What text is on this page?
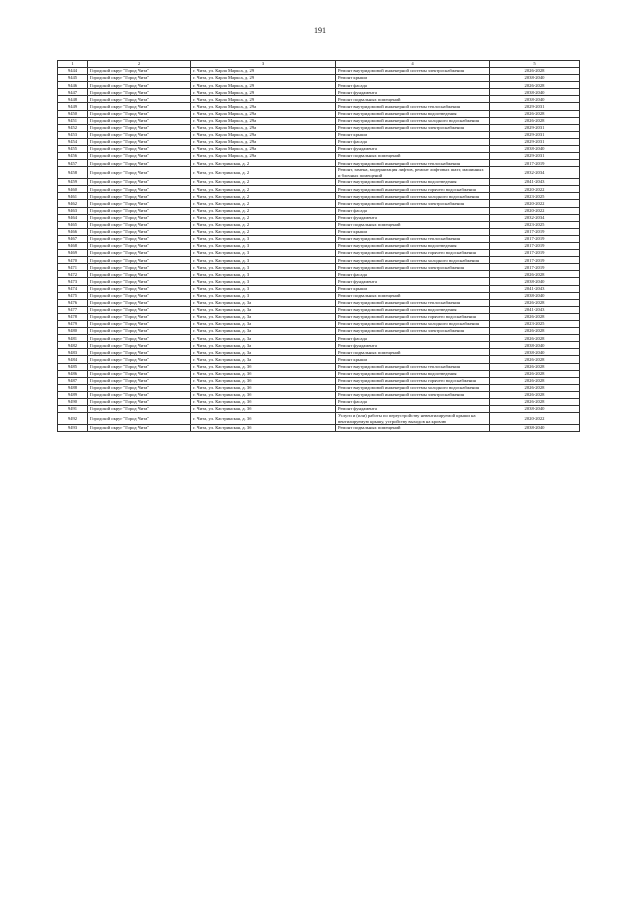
191
1	2	3	4	5
9444	Городской округ "Город Чита"	г. Чита, ул. Карла Маркса, д. 29	Ремонт внутридомовой инженерной системы электроснабжения	2026-2028
9445	Городской округ "Город Чита"	г. Чита, ул. Карла Маркса, д. 29	Ремонт крыши	2038-2040
9446	Городской округ "Город Чита"	г. Чита, ул. Карла Маркса, д. 29	Ремонт фасада	2026-2028
9447	Городской округ "Город Чита"	г. Чита, ул. Карла Маркса, д. 29	Ремонт фундамента	2038-2040
9448	Городской округ "Город Чита"	г. Чита, ул. Карла Маркса, д. 29	Ремонт подвальных помещений	2038-2040
9449	Городской округ "Город Чита"	г. Чита, ул. Карла Маркса, д. 29а	Ремонт внутридомовой инженерной системы теплоснабжения	2029-2031
9450	Городской округ "Город Чита"	г. Чита, ул. Карла Маркса, д. 29а	Ремонт внутридомовой инженерной системы водоотведения	2026-2028
9451	Городской округ "Город Чита"	г. Чита, ул. Карла Маркса, д. 29а	Ремонт внутридомовой инженерной системы холодного водоснабжения	2026-2028
9452	Городской округ "Город Чита"	г. Чита, ул. Карла Маркса, д. 29а	Ремонт внутридомовой инженерной системы электроснабжения	2029-2031
9453	Городской округ "Город Чита"	г. Чита, ул. Карла Маркса, д. 29а	Ремонт крыши	2029-2031
9454	Городской округ "Город Чита"	г. Чита, ул. Карла Маркса, д. 29а	Ремонт фасада	2029-2031
9455	Городской округ "Город Чита"	г. Чита, ул. Карла Маркса, д. 29а	Ремонт фундамента	2038-2040
9456	Городской округ "Город Чита"	г. Чита, ул. Карла Маркса, д. 29а	Ремонт подвальных помещений	2029-2031
9457	Городской округ "Город Чита"	г. Чита, ул. Кастринская, д. 2	Ремонт внутридомовой инженерной системы теплоснабжения	2017-2019
9458	Городской округ "Город Чита"	г. Чита, ул. Кастринская, д. 2	Ремонт, замена, модернизация лифтов, ремонт лифтовых шахт, машинных и блочных помещений	2032-2034
9459	Городской округ "Город Чита"	г. Чита, ул. Кастринская, д. 2	Ремонт внутридомовой инженерной системы водоотведения	2041-2043
9460	Городской округ "Город Чита"	г. Чита, ул. Кастринская, д. 2	Ремонт внутридомовой инженерной системы горячего водоснабжения	2020-2022
9461	Городской округ "Город Чита"	г. Чита, ул. Кастринская, д. 2	Ремонт внутридомовой инженерной системы холодного водоснабжения	2023-2025
9462	Городской округ "Город Чита"	г. Чита, ул. Кастринская, д. 2	Ремонт внутридомовой инженерной системы электроснабжения	2020-2022
9463	Городской округ "Город Чита"	г. Чита, ул. Кастринская, д. 2	Ремонт фасада	2020-2022
9464	Городской округ "Город Чита"	г. Чита, ул. Кастринская, д. 2	Ремонт фундамента	2032-2034
9465	Городской округ "Город Чита"	г. Чита, ул. Кастринская, д. 2	Ремонт подвальных помещений	2023-2025
9466	Городской округ "Город Чита"	г. Чита, ул. Кастринская, д. 2	Ремонт крыши	2017-2019
9467	Городской округ "Город Чита"	г. Чита, ул. Кастринская, д. 3	Ремонт внутридомовой инженерной системы теплоснабжения	2017-2019
9468	Городской округ "Город Чита"	г. Чита, ул. Кастринская, д. 3	Ремонт внутридомовой инженерной системы водоотведения	2017-2019
9469	Городской округ "Город Чита"	г. Чита, ул. Кастринская, д. 3	Ремонт внутридомовой инженерной системы горячего водоснабжения	2017-2019
9470	Городской округ "Город Чита"	г. Чита, ул. Кастринская, д. 3	Ремонт внутридомовой инженерной системы холодного водоснабжения	2017-2019
9471	Городской округ "Город Чита"	г. Чита, ул. Кастринская, д. 3	Ремонт внутридомовой инженерной системы электроснабжения	2017-2019
9472	Городской округ "Город Чита"	г. Чита, ул. Кастринская, д. 3	Ремонт фасада	2026-2028
9473	Городской округ "Город Чита"	г. Чита, ул. Кастринская, д. 3	Ремонт фундамента	2038-2040
9474	Городской округ "Город Чита"	г. Чита, ул. Кастринская, д. 3	Ремонт крыши	2041-2043
9475	Городской округ "Город Чита"	г. Чита, ул. Кастринская, д. 3	Ремонт подвальных помещений	2038-2040
9476	Городской округ "Город Чита"	г. Чита, ул. Кастринская, д. 3а	Ремонт внутридомовой инженерной системы теплоснабжения	2026-2028
9477	Городской округ "Город Чита"	г. Чита, ул. Кастринская, д. 3а	Ремонт внутридомовой инженерной системы водоотведения	2041-2043
9478	Городской округ "Город Чита"	г. Чита, ул. Кастринская, д. 3а	Ремонт внутридомовой инженерной системы горячего водоснабжения	2026-2028
9479	Городской округ "Город Чита"	г. Чита, ул. Кастринская, д. 3а	Ремонт внутридомовой инженерной системы холодного водоснабжения	2023-2025
9480	Городской округ "Город Чита"	г. Чита, ул. Кастринская, д. 3а	Ремонт внутридомовой инженерной системы электроснабжения	2026-2028
9481	Городской округ "Город Чита"	г. Чита, ул. Кастринская, д. 3а	Ремонт фасада	2026-2028
9482	Городской округ "Город Чита"	г. Чита, ул. Кастринская, д. 3а	Ремонт фундамента	2038-2040
9483	Городской округ "Город Чита"	г. Чита, ул. Кастринская, д. 3а	Ремонт подвальных помещений	2038-2040
9484	Городской округ "Город Чита"	г. Чита, ул. Кастринская, д. 3а	Ремонт крыши	2026-2028
9485	Городской округ "Город Чита"	г. Чита, ул. Кастринская, д. 3б	Ремонт внутридомовой инженерной системы теплоснабжения	2026-2028
9486	Городской округ "Город Чита"	г. Чита, ул. Кастринская, д. 3б	Ремонт внутридомовой инженерной системы водоотведения	2026-2028
9487	Городской округ "Город Чита"	г. Чита, ул. Кастринская, д. 3б	Ремонт внутридомовой инженерной системы горячего водоснабжения	2026-2028
9488	Городской округ "Город Чита"	г. Чита, ул. Кастринская, д. 3б	Ремонт внутридомовой инженерной системы холодного водоснабжения	2026-2028
9489	Городской округ "Город Чита"	г. Чита, ул. Кастринская, д. 3б	Ремонт внутридомовой инженерной системы электроснабжения	2026-2028
9490	Городской округ "Город Чита"	г. Чита, ул. Кастринская, д. 3б	Ремонт фасада	2026-2028
9491	Городской округ "Город Чита"	г. Чита, ул. Кастринская, д. 3б	Ремонт фундамента	2038-2040
9492	Городской округ "Город Чита"	г. Чита, ул. Кастринская, д. 3б	Услуги и (или) работы по переустройству невентилируемой крыши на вентилируемую крышу, устройству выходов на кровлю	2020-2022
9493	Городской округ "Город Чита"	г. Чита, ул. Кастринская, д. 3б	Ремонт подвальных помещений	2038-2040
